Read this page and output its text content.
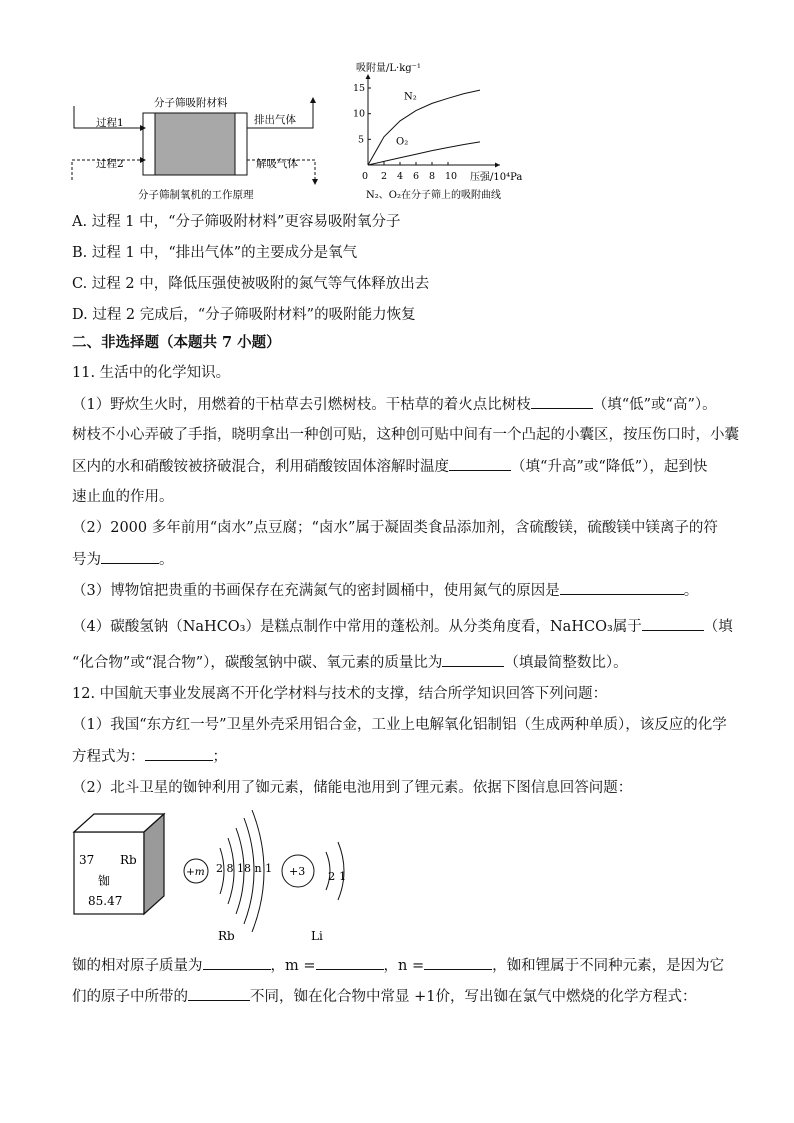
分子筛吸附材料
过程1
过程2
排出气体
解吸气体
分子筛制氧机的工作原理
吸附量/L·kg⁻¹
压强/10⁴Pa
0
N₂、O₂在分子筛上的吸附曲线
2 4 6 8 10
5
10
15
N₂
O₂
A. 过程 1 中，“分子筛吸附材料”更容易吸附氧分子
B. 过程 1 中，“排出气体”的主要成分是氧气
C. 过程 2 中，降低压强使被吸附的氮气等气体释放出去
D. 过程 2 完成后，“分子筛吸附材料”的吸附能力恢复
二、非选择题（本题共 7 小题）
11. 生活中的化学知识。
（1）野炊生火时，用燃着的干枯草去引燃树枝。干枯草的着火点比树枝	（填“低”或“高”）。
树枝不小心弄破了手指，晓明拿出一种创可贴，这种创可贴中间有一个凸起的小囊区，按压伤口时，小囊
区内的水和硝酸铵被挤破混合，利用硝酸铵固体溶解时温度	（填“升高”或“降低”），起到快
速止血的作用。
（2）2000 多年前用“卤水”点豆腐；“卤水”属于凝固类食品添加剂，含硫酸镁，硫酸镁中镁离子的符
号为	。
（3）博物馆把贵重的书画保存在充满氮气的密封圆桶中，使用氮气的原因是	。
（4）碳酸氢钠（NaHCO₃）是糕点制作中常用的蓬松剂。从分类角度看，NaHCO₃属于	（填
“化合物”或“混合物”），碳酸氢钠中碳、氧元素的质量比为	（填最简整数比）。
12. 中国航天事业发展离不开化学材料与技术的支撑，结合所学知识回答下列问题：
（1）我国“东方红一号”卫星外壳采用铝合金，工业上电解氧化铝制铝（生成两种单质），该反应的化学
方程式为：	；
（2）北斗卫星的铷钟利用了铷元素，储能电池用到了锂元素。依据下图信息回答问题：
37 Rb
铷
85.47
+m 2 8 18 n 1
Rb
+3 2 1
Li
铷的相对原子质量为	，m =	，n =	，铷和锂属于不同种元素，是因为它
们的原子中所带的	不同，铷在化合物中常显 +1价，写出铷在氯气中燃烧的化学方程式：
